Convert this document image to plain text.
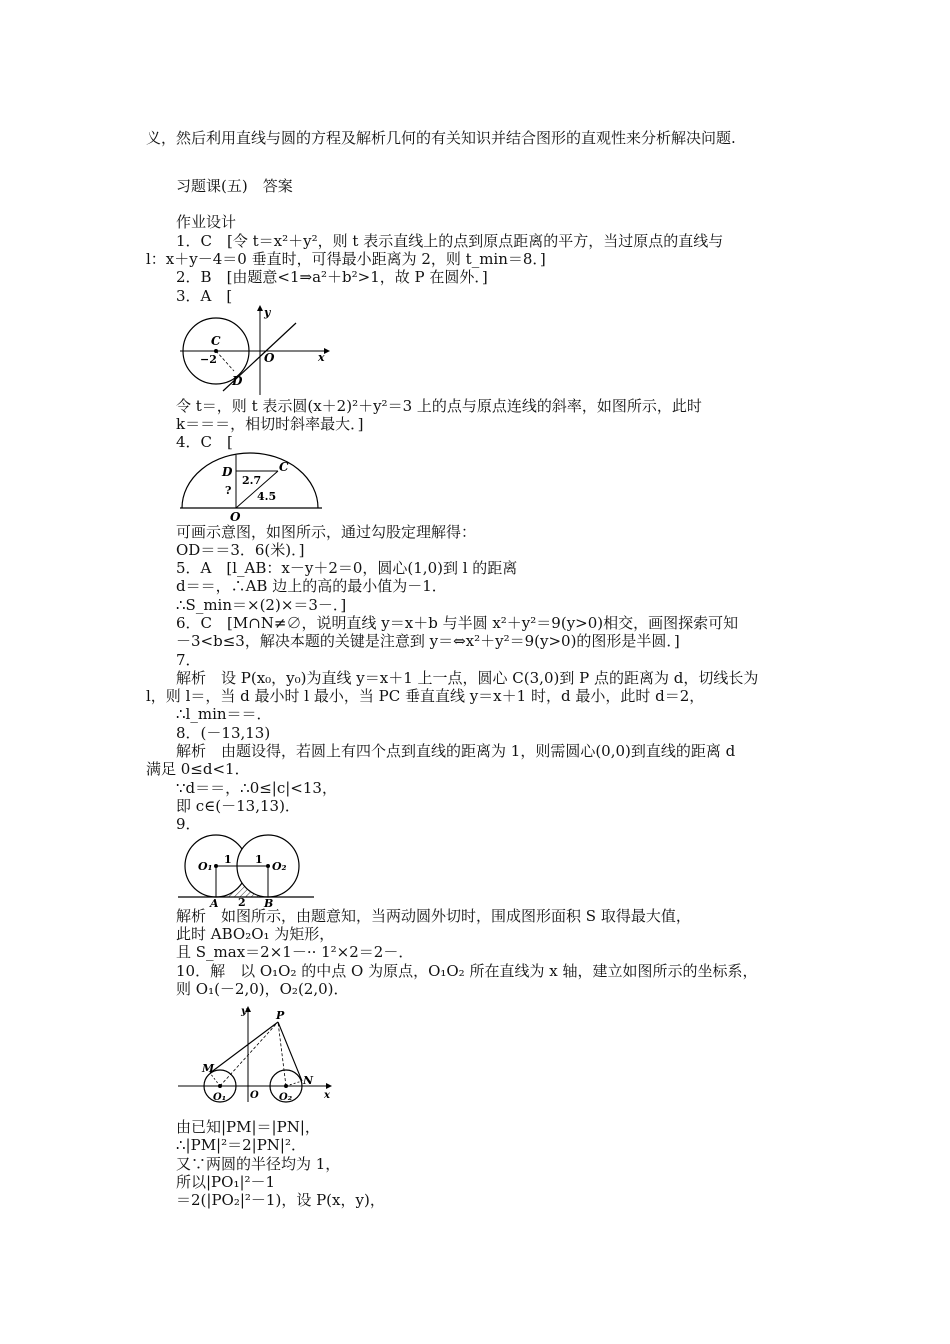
义，然后利用直线与圆的方程及解析几何的有关知识并结合图形的直观性来分析解决问题.
习题课(五)　答案
作业设计
1．C　[令 t＝x²＋y²，则 t 表示直线上的点到原点距离的平方，当过原点的直线与
l：x＋y－4＝0 垂直时，可得最小距离为 2，则 t_min＝8．]
2．B　[由题意<1⇒a²＋b²>1，故 P 在圆外．]
3．A　[
O	x
y
C
−2
D
令 t＝，则 t 表示圆(x＋2)²＋y²＝3 上的点与原点连线的斜率，如图所示，此时
k＝＝＝，相切时斜率最大．]
4．C　[
D	C
2.7
? 4.5
O
可画示意图，如图所示，通过勾股定理解得：
OD＝＝3．6(米)．]
5．A　[l_AB：x－y＋2＝0，圆心(1,0)到 l 的距离
d＝＝，∴AB 边上的高的最小值为－1．
∴S_min＝×(2)×＝3－．]
6．C　[M∩N≠∅，说明直线 y＝x＋b 与半圆 x²＋y²＝9(y>0)相交，画图探索可知
－3<b≤3，解决本题的关键是注意到 y＝⇔x²＋y²＝9(y>0)的图形是半圆．]
7．
解析　设 P(x₀，y₀)为直线 y＝x＋1 上一点，圆心 C(3,0)到 P 点的距离为 d，切线长为
l，则 l＝，当 d 最小时 l 最小，当 PC 垂直直线 y＝x＋1 时，d 最小，此时 d＝2，
∴l_min＝＝．
8．(－13,13)
解析　由题设得，若圆上有四个点到直线的距离为 1，则需圆心(0,0)到直线的距离 d
满足 0≤d<1．
∵d＝＝，∴0≤|c|<13，
即 c∈(－13,13)．
9．
O₁	O₂
1 1
2
A	B
解析　如图所示，由题意知，当两动圆外切时，围成图形面积 S 取得最大值，
此时 ABO₂O₁ 为矩形，
且 S_max＝2×1－·· 1²×2＝2－．
10．解　以 O₁O₂ 的中点 O 为原点，O₁O₂ 所在直线为 x 轴，建立如图所示的坐标系，
则 O₁(－2,0)，O₂(2,0)．
y
x
P
M
N
O
O₁	O₂
由已知|PM|＝|PN|，
∴|PM|²＝2|PN|²．
又∵两圆的半径均为 1，
所以|PO₁|²－1
＝2(|PO₂|²－1)，设 P(x，y)，
